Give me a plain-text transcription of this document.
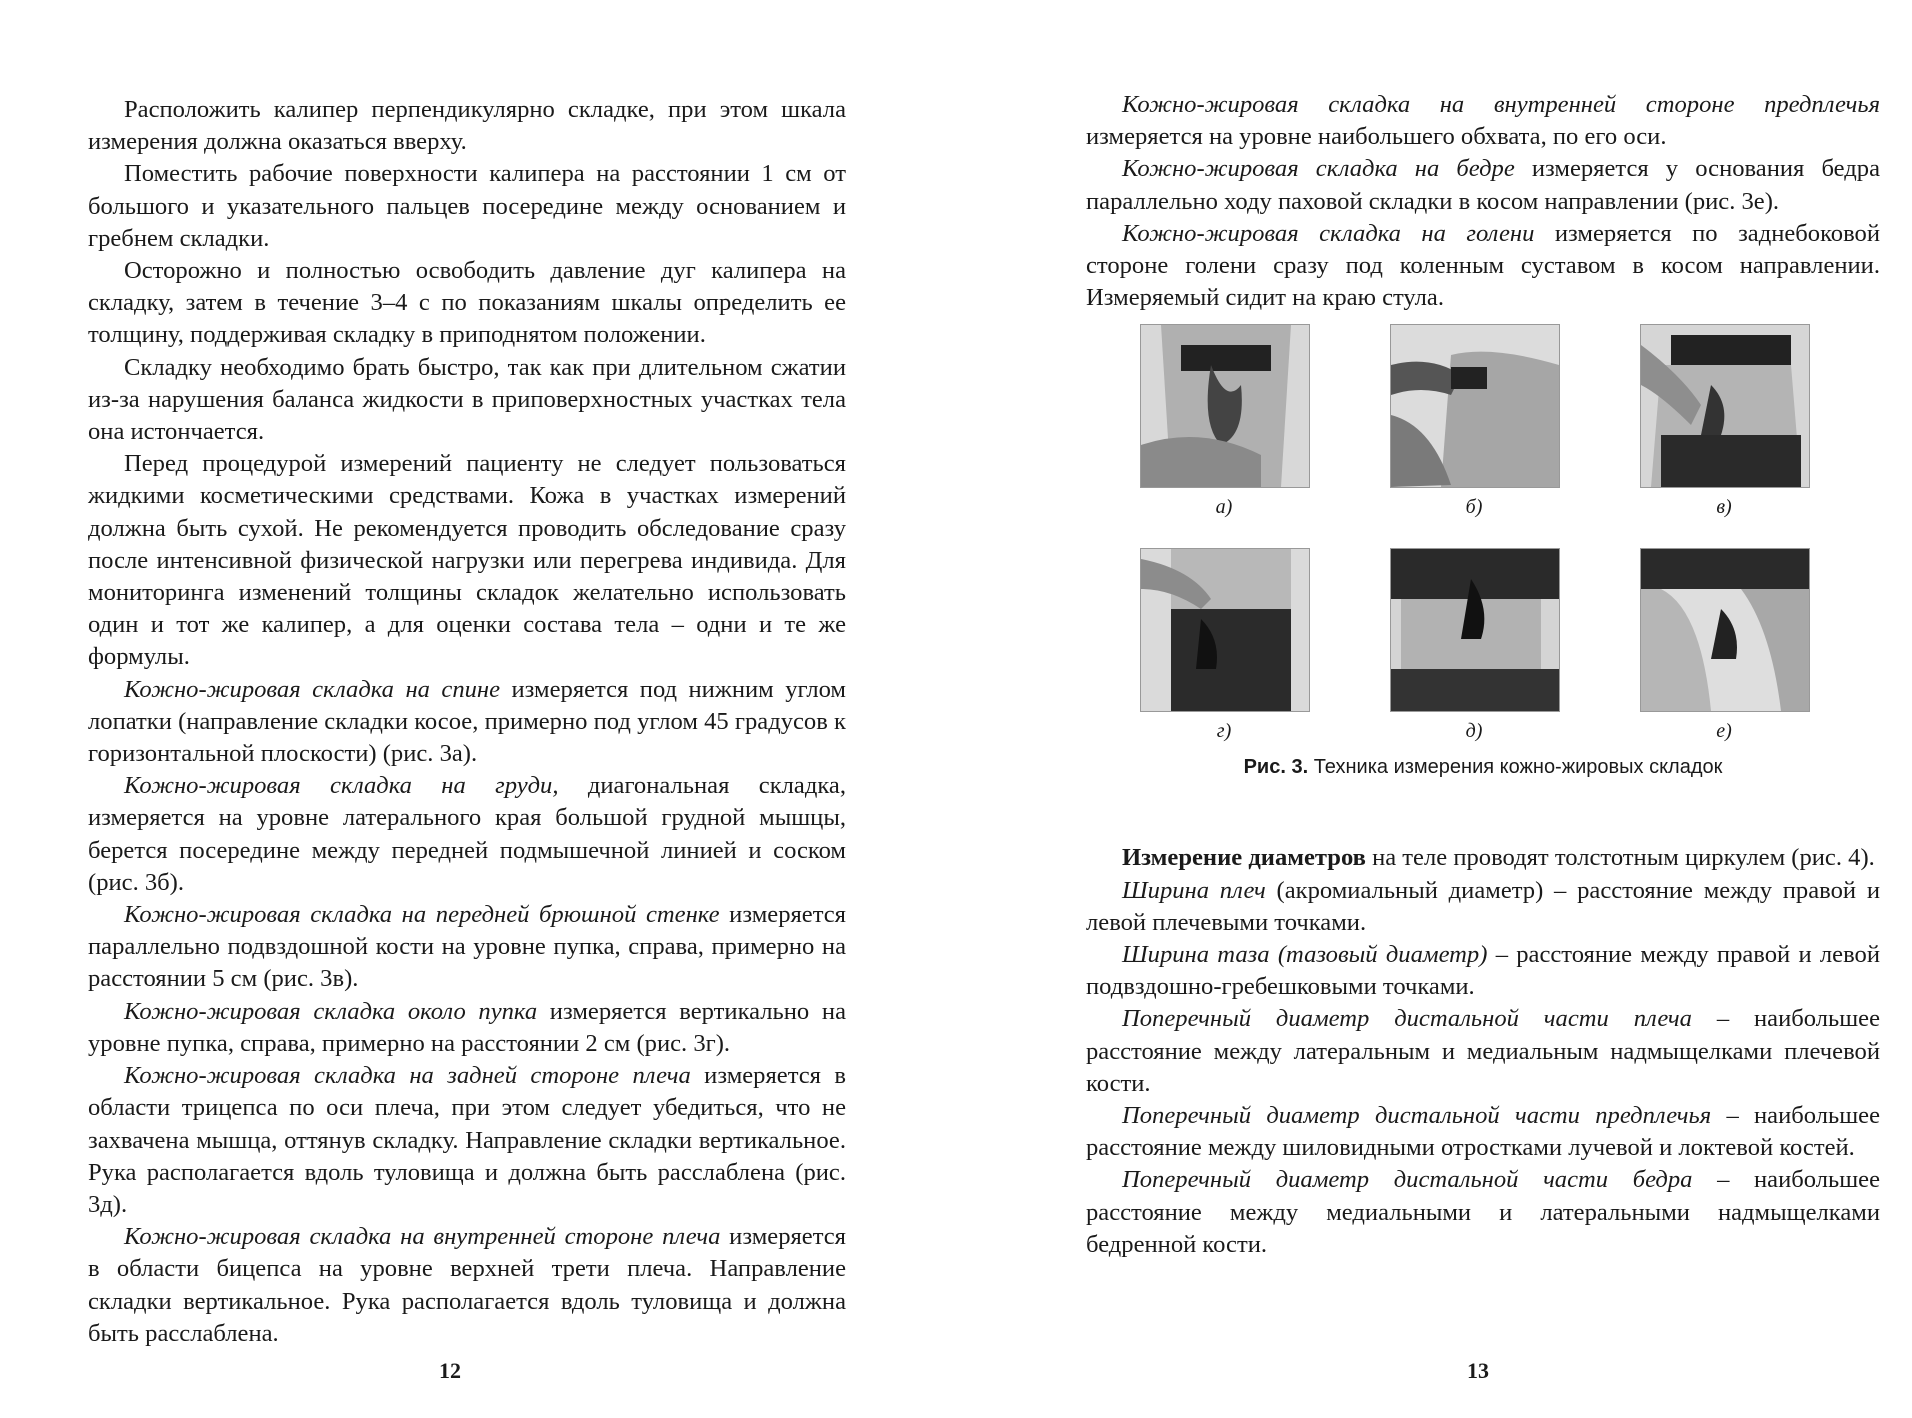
Расположить калипер перпендикулярно складке, при этом шкала измерения должна оказаться вверху.

Поместить рабочие поверхности калипера на расстоянии 1 см от большого и указательного пальцев посередине между основанием и гребнем складки.

Осторожно и полностью освободить давление дуг калипера на складку, затем в течение 3–4 с по показаниям шкалы определить ее толщину, поддерживая складку в приподнятом положении.

Складку необходимо брать быстро, так как при длительном сжатии из-за нарушения баланса жидкости в приповерхностных участках тела она истончается.

Перед процедурой измерений пациенту не следует пользоваться жидкими косметическими средствами. Кожа в участках измерений должна быть сухой. Не рекомендуется проводить обследование сразу после интенсивной физической нагрузки или перегрева индивида. Для мониторинга изменений толщины складок желательно использовать один и тот же калипер, а для оценки состава тела – одни и те же формулы.

Кожно-жировая складка на спине измеряется под нижним углом лопатки (направление складки косое, примерно под углом 45 градусов к горизонтальной плоскости) (рис. 3а).

Кожно-жировая складка на груди, диагональная складка, измеряется на уровне латерального края большой грудной мышцы, берется посередине между передней подмышечной линией и соском (рис. 3б).

Кожно-жировая складка на передней брюшной стенке измеряется параллельно подвздошной кости на уровне пупка, справа, примерно на расстоянии 5 см (рис. 3в).

Кожно-жировая складка около пупка измеряется вертикально на уровне пупка, справа, примерно на расстоянии 2 см (рис. 3г).

Кожно-жировая складка на задней стороне плеча измеряется в области трицепса по оси плеча, при этом следует убедиться, что не захвачена мышца, оттянув складку. Направление складки вертикальное. Рука располагается вдоль туловища и должна быть расслаблена (рис. 3д).

Кожно-жировая складка на внутренней стороне плеча измеряется в области бицепса на уровне верхней трети плеча. Направление складки вертикальное. Рука располагается вдоль туловища и должна быть расслаблена.

12

Кожно-жировая складка на внутренней стороне предплечья измеряется на уровне наибольшего обхвата, по его оси.

Кожно-жировая складка на бедре измеряется у основания бедра параллельно ходу паховой складки в косом направлении (рис. 3е).

Кожно-жировая складка на голени измеряется по заднебоковой стороне голени сразу под коленным суставом в косом направлении. Измеряемый сидит на краю стула.

а)	б)	в)
г)	д)	е)
Рис. 3. Техника измерения кожно-жировых складок

Измерение диаметров на теле проводят толстотным циркулем (рис. 4).

Ширина плеч (акромиальный диаметр) – расстояние между правой и левой плечевыми точками.

Ширина таза (тазовый диаметр) – расстояние между правой и левой подвздошно-гребешковыми точками.

Поперечный диаметр дистальной части плеча – наибольшее расстояние между латеральным и медиальным надмыщелками плечевой кости.

Поперечный диаметр дистальной части предплечья – наибольшее расстояние между шиловидными отростками лучевой и локтевой костей.

Поперечный диаметр дистальной части бедра – наибольшее расстояние между медиальными и латеральными надмыщелками бедренной кости.

13
